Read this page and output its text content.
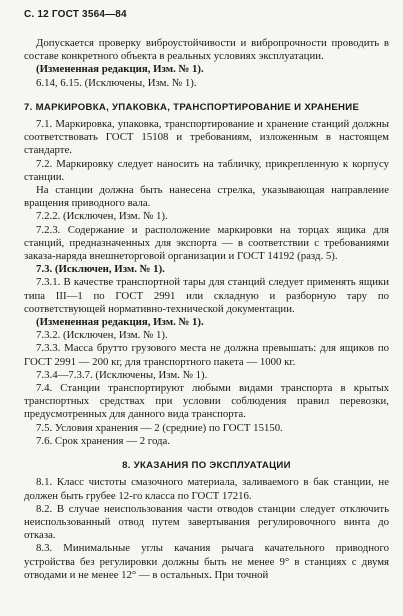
С. 12 ГОСТ 3564—84

Допускается проверку виброустойчивости и вибропрочности проводить в составе конкретного объекта в реальных условиях эксплуатации.

(Измененная редакция, Изм. № 1).

6.14, 6.15. (Исключены, Изм. № 1).

7. МАРКИРОВКА, УПАКОВКА, ТРАНСПОРТИРОВАНИЕ И ХРАНЕНИЕ

7.1. Маркировка, упаковка, транспортирование и хранение станций должны соответствовать ГОСТ 15108 и требованиям, изложенным в настоящем стандарте.

7.2. Маркировку следует наносить на табличку, прикрепленную к корпусу станции.

На станции должна быть нанесена стрелка, указывающая направление вращения приводного вала.

7.2.2. (Исключен, Изм. № 1).

7.2.3. Содержание и расположение маркировки на торцах ящика для станций, предназначенных для экспорта — в соответствии с требованиями заказа-наряда внешнеторговой организации и ГОСТ 14192 (разд. 5).

7.3. (Исключен, Изм. № 1).

7.3.1. В качестве транспортной тары для станций следует применять ящики типа III—1 по ГОСТ 2991 или складную и разборную тару по соответствующей нормативно-технической документации.

(Измененная редакция, Изм. № 1).

7.3.2. (Исключен, Изм. № 1).

7.3.3. Масса брутто грузового места не должна превышать: для ящиков по ГОСТ 2991 — 200 кг, для транспортного пакета — 1000 кг.

7.3.4—7.3.7. (Исключены, Изм. № 1).

7.4. Станции транспортируют любыми видами транспорта в крытых транспортных средствах при условии соблюдения правил перевозки, предусмотренных для данного вида транспорта.

7.5. Условия хранения — 2 (средние) по ГОСТ 15150.

7.6. Срок хранения — 2 года.

8. УКАЗАНИЯ ПО ЭКСПЛУАТАЦИИ

8.1. Класс чистоты смазочного материала, заливаемого в бак станции, не должен быть грубее 12-го класса по ГОСТ 17216.

8.2. В случае неиспользования части отводов станции следует отключить неиспользованный отвод путем завертывания регулировочного винта до отказа.

8.3. Минимальные углы качания рычага качательного приводного устройства без регулировки должны быть не менее 9° в станциях с двумя отводами и не менее 12° — в остальных. При точной
